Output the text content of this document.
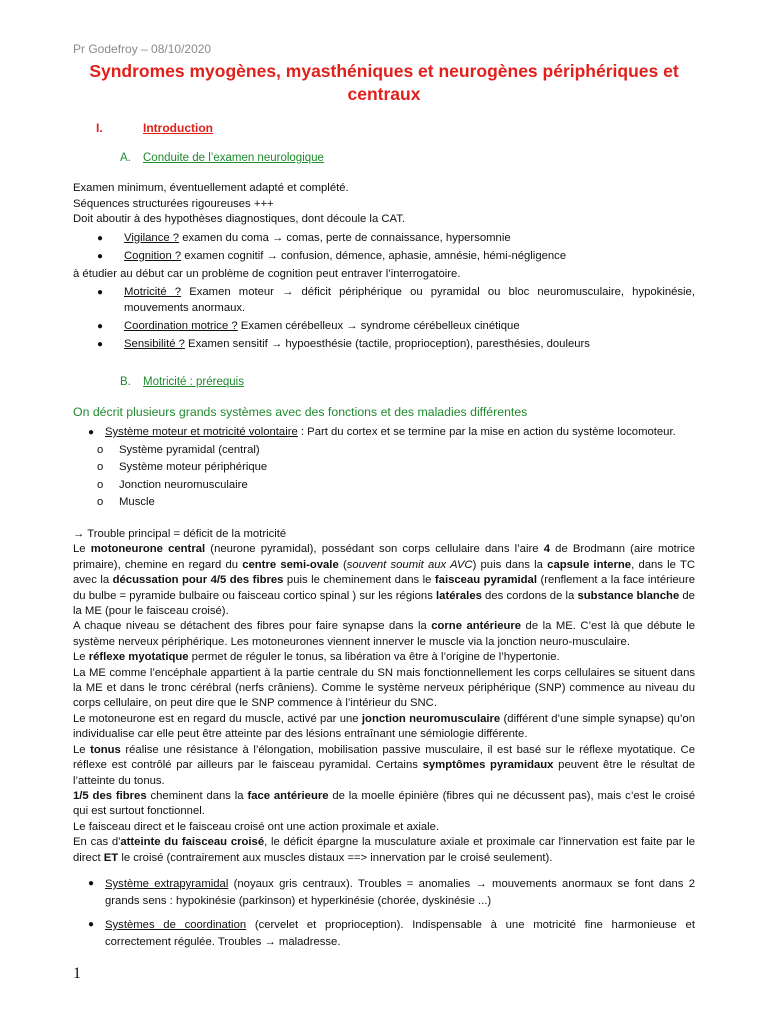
Pr Godefroy – 08/10/2020
Syndromes myogènes, myasthéniques et neurogènes périphériques et centraux
I.	Introduction
A. Conduite de l’examen neurologique

Examen minimum, éventuellement adapté et complété.

Séquences structurées rigoureuses +++

Doit aboutir à des hypothèses diagnostiques, dont découle la CAT.

● Vigilance ? examen du coma → comas, perte de connaissance, hypersomnie
● Cognition ? examen cognitif → confusion, démence, aphasie, amnésie, hémi-négligence

à étudier au début car un problème de cognition peut entraver l’interrogatoire.

● Motricité ? Examen moteur → déficit périphérique ou pyramidal ou bloc neuromusculaire, hypokinésie, mouvements anormaux.
● Coordination motrice ? Examen cérébelleux → syndrome cérébelleux cinétique
● Sensibilité ? Examen sensitif → hypoesthésie (tactile, proprioception), paresthésies, douleurs
B. Motricité : prérequis
On décrit plusieurs grands systèmes avec des fonctions et des maladies différentes
● Système moteur et motricité volontaire : Part du cortex et se termine par la mise en action du système locomoteur.
o Système pyramidal (central)
o Système moteur périphérique
o Jonction neuromusculaire
o Muscle

→ Trouble principal = déficit de la motricité

Le motoneurone central (neurone pyramidal), possédant son corps cellulaire dans l’aire 4 de Brodmann (aire motrice primaire), chemine en regard du centre semi-ovale (souvent soumit aux AVC) puis dans la capsule interne, dans le TC avec la décussation pour 4/5 des fibres puis le cheminement dans le faisceau pyramidal (renflement a la face intérieure du bulbe = pyramide bulbaire ou faisceau cortico spinal ) sur les régions latérales des cordons de la substance blanche de la ME (pour le faisceau croisé).

A chaque niveau se détachent des fibres pour faire synapse dans la corne antérieure de la ME. C’est là que débute le système nerveux périphérique. Les motoneurones viennent innerver le muscle via la jonction neuro-musculaire.

Le réflexe myotatique permet de réguler le tonus, sa libération va être à l’origine de l’hypertonie.

La ME comme l’encéphale appartient à la partie centrale du SN mais fonctionnellement les corps cellulaires se situent dans la ME et dans le tronc cérébral (nerfs crâniens). Comme le système nerveux périphérique (SNP) commence au niveau du corps cellulaire, on peut dire que le SNP commence à l’intérieur du SNC.

Le motoneurone est en regard du muscle, activé par une jonction neuromusculaire (différent d’une simple synapse) qu’on individualise car elle peut être atteinte par des lésions entraînant une sémiologie différente.

Le tonus réalise une résistance à l’élongation, mobilisation passive musculaire, il est basé sur le réflexe myotatique. Ce réflexe est contrôlé par ailleurs par le faisceau pyramidal. Certains symptômes pyramidaux peuvent être le résultat de l’atteinte du tonus.

1/5 des fibres cheminent dans la face antérieure de la moelle épinière (fibres qui ne décussent pas), mais c’est le croisé qui est surtout fonctionnel.

Le faisceau direct et le faisceau croisé ont une action proximale et axiale.

En cas d'atteinte du faisceau croisé, le déficit épargne la musculature axiale et proximale car l'innervation est faite par le direct ET le croisé (contrairement aux muscles distaux ==> innervation par le croisé seulement).

● Système extrapyramidal (noyaux gris centraux). Troubles = anomalies → mouvements anormaux se font dans 2 grands sens : hypokinésie (parkinson) et hyperkinésie (chorée, dyskinésie ...)
● Systèmes de coordination (cervelet et proprioception). Indispensable à une motricité fine harmonieuse et correctement régulée. Troubles → maladresse.
1
